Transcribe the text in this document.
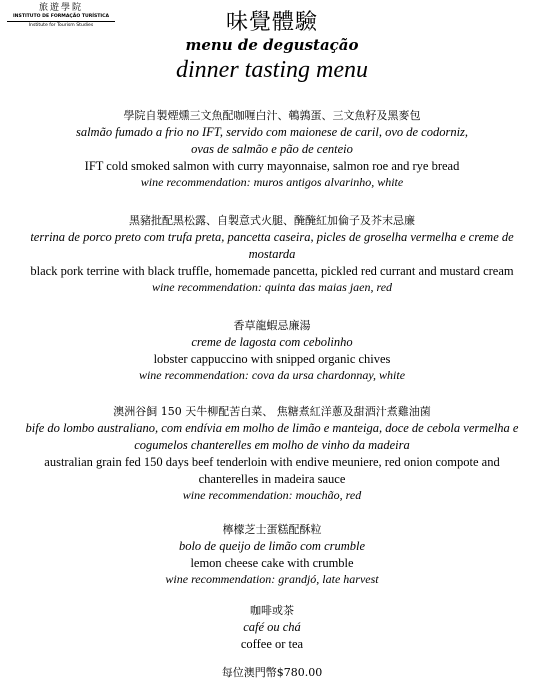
旅遊學院
INSTITUTO DE FORMAÇÃO TURÍSTICA
Institute for Tourism Studies	味覺體驗
menu de degustação
dinner tasting menu
學院自製煙燻三文魚配咖喱白汁、鵪鶉蛋、三文魚籽及黑麥包
salmão fumado a frio no IFT, servido com maionese de caril, ovo de codorniz,
ovas de salmão e pão de centeio
IFT cold smoked salmon with curry mayonnaise, salmon roe and rye bread
wine recommendation: muros antigos alvarinho, white
黑豬批配黑松露、自製意式火腿、醃醃紅加倫子及芥末忌廉
terrina de porco preto com trufa preta, pancetta caseira, picles de groselha vermelha e creme de
mostarda
black pork terrine with black truffle, homemade pancetta, pickled red currant and mustard cream
wine recommendation: quinta das maias jaen, red
香草龍蝦忌廉湯
creme de lagosta com cebolinho
lobster cappuccino with snipped organic chives
wine recommendation: cova da ursa chardonnay, white
澳洲谷飼 150 天牛柳配苦白菜、 焦糖煮紅洋蔥及甜酒汁煮雞油菌
bife do lombo australiano, com endívia em molho de limão e manteiga, doce de cebola vermelha e
cogumelos chanterelles em molho de vinho da madeira
australian grain fed 150 days beef tenderloin with endive meuniere, red onion compote and
chanterelles in madeira sauce
wine recommendation: mouchão, red
檸檬芝士蛋糕配酥粒
bolo de queijo de limão com crumble
lemon cheese cake with crumble
wine recommendation: grandjó, late harvest
咖啡或茶
café ou chá
coffee or tea
每位澳門幣$780.00
